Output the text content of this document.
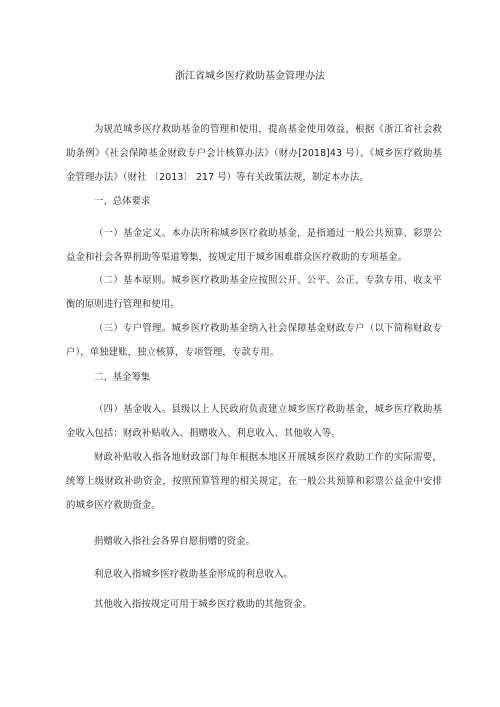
浙江省城乡医疗救助基金管理办法
为规范城乡医疗救助基金的管理和使用，提高基金使用效益，根据《浙江省社会救助条例》《社会保障基金财政专户会计核算办法》（财办[2018]43 号）、《城乡医疗救助基金管理办法》（财社 〔2013〕 217 号）等有关政策法规，制定本办法。
一、总体要求
（一）基金定义。本办法所称城乡医疗救助基金，是指通过一般公共预算、彩票公益金和社会各界捐助等渠道筹集，按规定用于城乡困难群众医疗救助的专项基金。
（二）基本原则。城乡医疗救助基金应按照公开、公平、公正、专款专用、收支平衡的原则进行管理和使用。
（三）专户管理。城乡医疗救助基金纳入社会保障基金财政专户（以下简称财政专户），单独建账，独立核算，专项管理，专款专用。
二、基金筹集
（四）基金收入。县级以上人民政府负责建立城乡医疗救助基金，城乡医疗救助基金收入包括：财政补贴收入、捐赠收入、利息收入、其他收入等。
财政补贴收入指各地财政部门每年根据本地区开展城乡医疗救助工作的实际需要，统筹上级财政补助资金，按照预算管理的相关规定，在一般公共预算和彩票公益金中安排的城乡医疗救助资金。
捐赠收入指社会各界自愿捐赠的资金。
利息收入指城乡医疗救助基金形成的利息收入。
其他收入指按规定可用于城乡医疗救助的其他资金。
